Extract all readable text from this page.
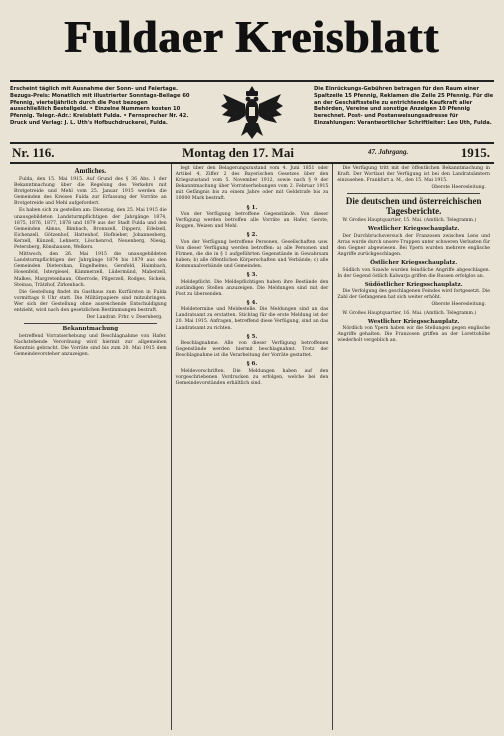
Fuldaer Kreisblatt
Erscheint täglich mit Ausnahme der Sonn- und Feiertage. Bezugs-Preis: Monatlich mit illustrierter Sonntags-Beilage 60 Pfennig, vierteljährlich durch die Post bezogen ausschließlich Bestellgeld. • Einzelne Nummern kosten 10 Pfennig. Telegr.-Adr.: Kreisblatt Fulda. • Fernsprecher Nr. 42. Druck und Verlag: J. L. Uth's Hofbuchdruckerei, Fulda.
Die Einrückungs-Gebühren betragen für den Raum einer Spaltzeile 15 Pfennig, Reklamen die Zeile 25 Pfennig. Für die an der Geschäftsstelle zu entrichtende Kaufkraft aller Behörden, Vereine und sonstige Anzeigen 10 Pfennig berechnet. Post- und Postanweisungsadresse für Einzahlungen: Verantwortlicher Schriftleiter: Leo Uth, Fulda.
Nr. 116.	Montag den 17. Mai	47. Jahrgang.	1915.
Amtliches.

Fulda, den 15. Mai 1915. Auf Grund des § 36 Abs. 1 der Bekanntmachung über die Regelung des Verkehrs mit Brotgetreide und Mehl vom 25. Januar 1915 werden die Gemeinden des Kreises Fulda zur Erfassung der Vorräte an Brotgetreide und Mehl aufgefordert.

Es haben sich zu gestellen am: Dienstag, den 25. Mai 1915 die unausgebildeten Landsturmpflichtigen der Jahrgänge 1874, 1875, 1876, 1877, 1878 und 1879 aus der Stadt Fulda und den Gemeinden Almus, Bimbach, Bronnzell, Dipperz, Edelzell, Eichenzell, Götzenhof, Hattenhof, Hofbieber, Johannesberg, Kerzell, Künzell, Lehnerz, Löschenrod, Neuenberg, Niesig, Petersberg, Rönshausen, Welkers.

Mittwoch, den 26. Mai 1915 die unausgebildeten Landsturmpflichtigen der Jahrgänge 1874 bis 1879 aus den Gemeinden Dietershan, Engelhelms, Gersfeld, Haimbach, Hosenfeld, Istergiesel, Kämmerzell, Lüdermünd, Maberzell, Malkes, Margretenhaun, Oberrode, Pilgerzell, Rodges, Sickels, Steinau, Trätzhof, Zirkenbach.

Die Gestellung findet im Gasthaus zum Kurfürsten in Fulda vormittags 8 Uhr statt. Die Militärpapiere sind mitzubringen. Wer sich der Gestellung ohne ausreichende Entschuldigung entzieht, wird nach den gesetzlichen Bestimmungen bestraft.

Der Landrat: Frhr. v. Doernberg.
Bekanntmachung

betreffend Vorratserhebung und Beschlagnahme von Hafer. Nachstehende Verordnung wird hiermit zur allgemeinen Kenntnis gebracht. Die Vorräte sind bis zum 20. Mai 1915 dem Gemeindevorsteher anzuzeigen.

legt über den Belagerungszustand vom 4. Juni 1851 oder Artikel 4, Ziffer 2 des Bayerischen Gesetzes über den Kriegszustand vom 5. November 1912, sowie nach § 9 der Bekanntmachung über Vorratserhebungen vom 2. Februar 1915 mit Gefängnis bis zu einem Jahre oder mit Geldstrafe bis zu 10000 Mark bestraft.

§ 1.

Von der Verfügung betroffene Gegenstände. Von dieser Verfügung werden betroffen alle Vorräte an Hafer, Gerste, Roggen, Weizen und Mehl.

§ 2.

Von der Verfügung betroffene Personen, Gesellschaften usw. Von dieser Verfügung werden betroffen: a) alle Personen und Firmen, die die in § 1 aufgeführten Gegenstände in Gewahrsam haben; b) alle öffentlichen Körperschaften und Verbände; c) alle Kommunalverbände und Gemeinden.

§ 3.

Meldepflicht. Die Meldepflichtigen haben ihre Bestände den zuständigen Stellen anzuzeigen. Die Meldungen sind mit der Post zu übersenden.

§ 4.

Meldetermine und Meldestelle. Die Meldungen sind an das Landratsamt zu erstatten. Stichtag für die erste Meldung ist der 20. Mai 1915. Anfragen, betreffend diese Verfügung, sind an das Landratsamt zu richten.

§ 5.

Beschlagnahme. Alle von dieser Verfügung betroffenen Gegenstände werden hiermit beschlagnahmt. Trotz der Beschlagnahme ist die Verarbeitung der Vorräte gestattet.

§ 6.

Meldevorschriften. Die Meldungen haben auf den vorgeschriebenen Vordrucken zu erfolgen, welche bei den Gemeindevorständen erhältlich sind.

Die Verfügung tritt mit der öffentlichen Bekanntmachung in Kraft. Der Wortlaut der Verfügung ist bei den Landratsämtern einzusehen. Frankfurt a. M., den 15. Mai 1915.

Oberste Heeresleitung.
Die deutschen und österreichischen Tagesberichte.

W. Großes Hauptquartier, 15. Mai. (Amtlich. Telegramm.)

Westlicher Kriegsschauplatz.

Der Durchbruchsversuch der Franzosen zwischen Lens und Arras wurde durch unsere Truppen unter schweren Verlusten für den Gegner abgewiesen. Bei Ypern wurden mehrere englische Angriffe zurückgeschlagen.

Östlicher Kriegsschauplatz.

Südlich von Szawle wurden feindliche Angriffe abgeschlagen. In der Gegend östlich Kalwarja griffen die Russen erfolglos an.

Südöstlicher Kriegsschauplatz.

Die Verfolgung des geschlagenen Feindes wird fortgesetzt. Die Zahl der Gefangenen hat sich weiter erhöht.

Oberste Heeresleitung.

W. Großes Hauptquartier, 16. Mai. (Amtlich. Telegramm.)

Westlicher Kriegsschauplatz.

Nördlich von Ypern haben wir die Stellungen gegen englische Angriffe gehalten. Die Franzosen griffen an der Lorettohöhe wiederholt vergeblich an.
